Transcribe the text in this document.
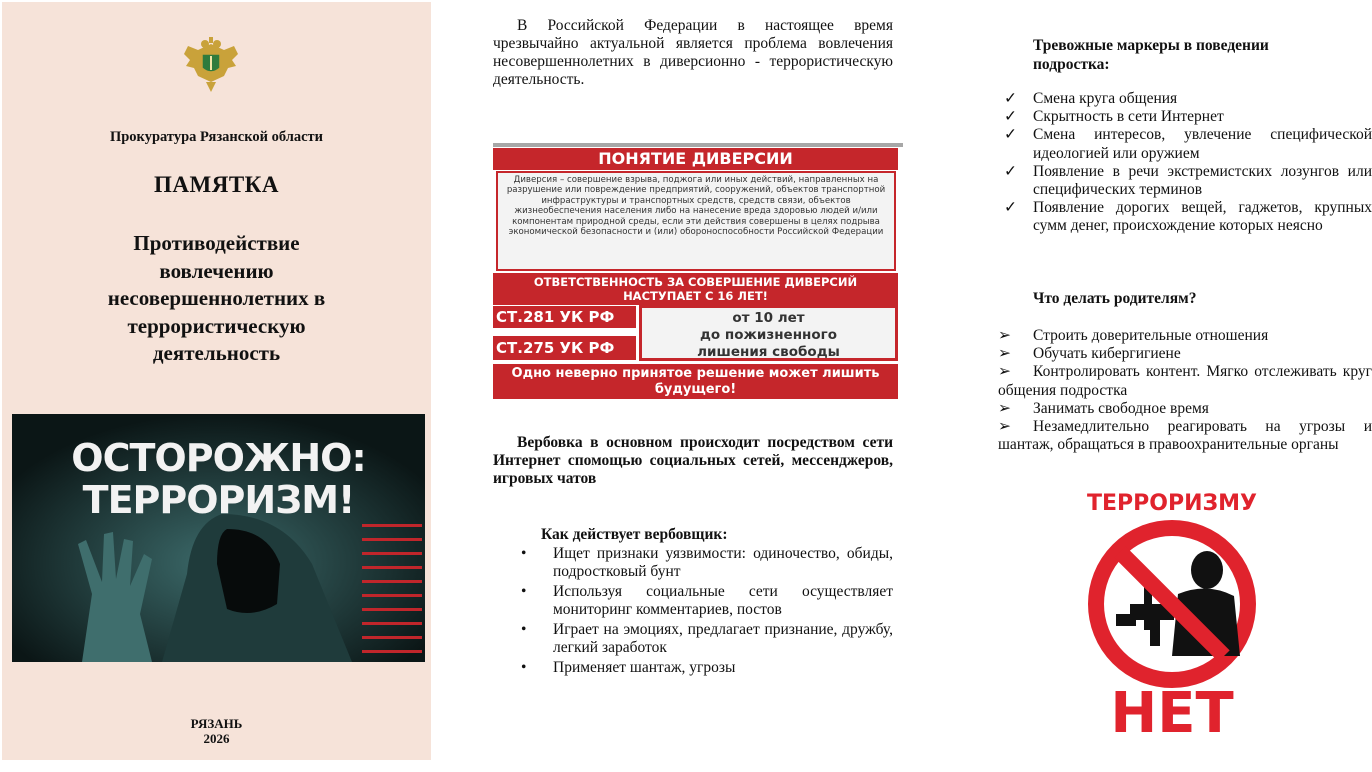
Прокуратура Рязанской области
ПАМЯТКА
Противодействие
вовлечению
несовершеннолетних в
террористическую
деятельность
ОСТОРОЖНО:
ТЕРРОРИЗМ!
РЯЗАНЬ
2026
В Российской Федерации в настоящее время чрезвычайно актуальной является проблема вовлечения несовершеннолетних в диверсионно - террористическую деятельность.
ПОНЯТИЕ ДИВЕРСИИ
Диверсия – совершение взрыва, поджога или иных действий, направленных на разрушение или повреждение предприятий, сооружений, объектов транспортной инфраструктуры и транспортных средств, средств связи, объектов жизнеобеспечения населения либо на нанесение вреда здоровью людей и/или компонентам природной среды, если эти действия совершены в целях подрыва экономической безопасности и (или) обороноспособности Российской Федерации
ОТВЕТСТВЕННОСТЬ ЗА СОВЕРШЕНИЕ ДИВЕРСИЙ НАСТУПАЕТ С 16 ЛЕТ!
СТ.281 УК РФ
СТ.275 УК РФ
от 10 лет
до пожизненного
лишения свободы
Одно неверно принятое решение может лишить будущего!
Вербовка в основном происходит посредством сети Интернет спомощью социальных сетей, мессенджеров, игровых чатов
Как действует вербовщик:
• Ищет признаки уязвимости: одиночество, обиды, подростковый бунт
• Используя социальные сети осуществляет мониторинг комментариев, постов
• Играет на эмоциях, предлагает признание, дружбу, легкий заработок
• Применяет шантаж, угрозы
Тревожные маркеры в поведении
подростка:
✓ Смена круга общения
✓ Скрытность в сети Интернет
✓ Смена интересов, увлечение специфической идеологией или оружием
✓ Появление в речи экстремистских лозунгов или специфических терминов
✓ Появление дорогих вещей, гаджетов, крупных сумм денег, происхождение которых неясно
Что делать родителям?
➢ Строить доверительные отношения
➢ Обучать кибергигиене
➢ Контролировать контент. Мягко отслеживать круг общения подростка
➢ Занимать свободное время
➢ Незамедлительно реагировать на угрозы и шантаж, обращаться в правоохранительные органы
ТЕРРОРИЗМУ
НЕТ
